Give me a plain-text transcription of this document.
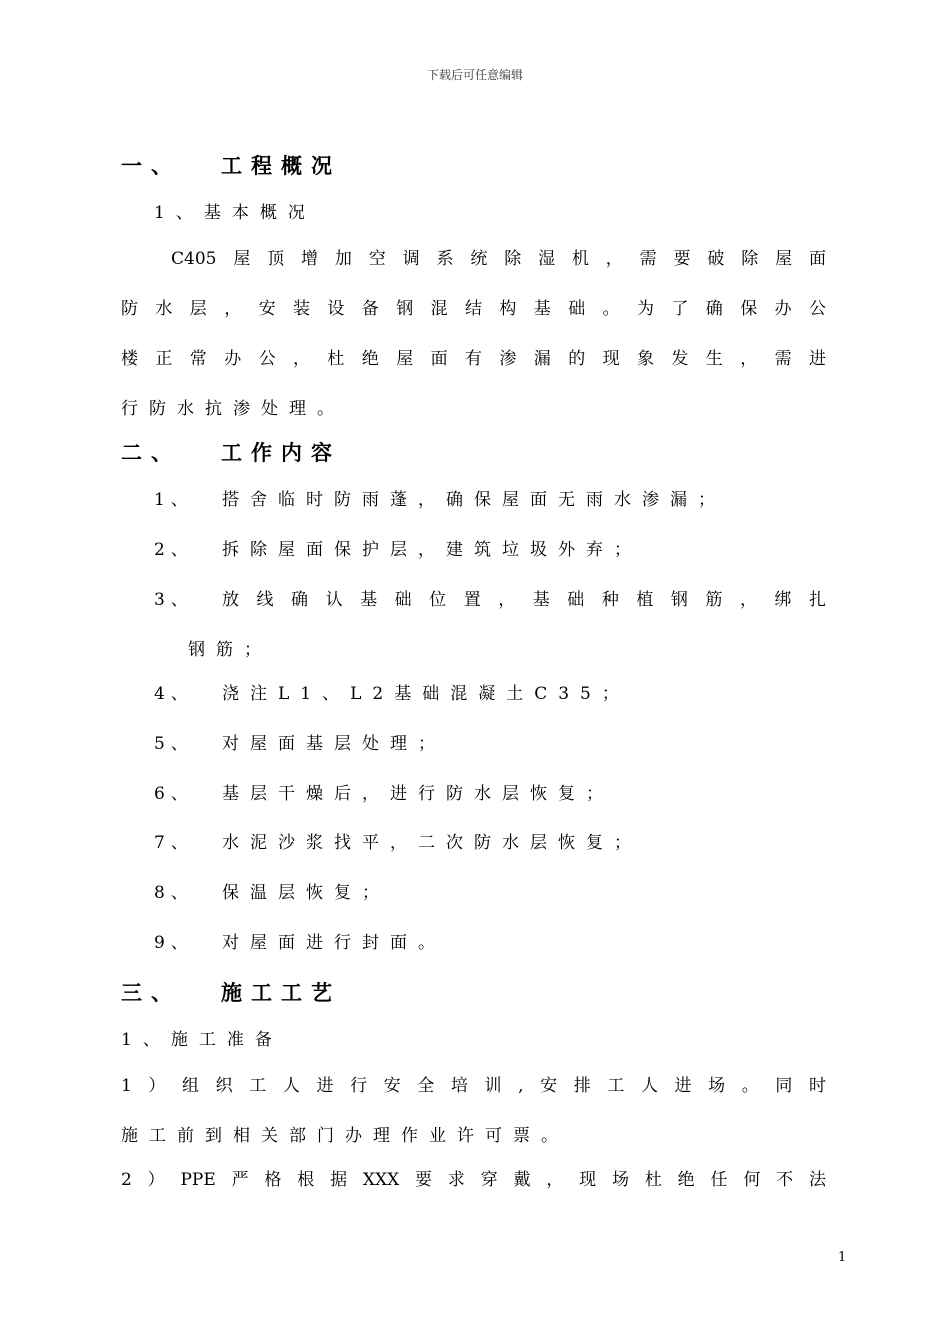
下载后可任意编辑
一、 工程概况
1、基本概况
C405屋顶增加空调系统除湿机，需要破除屋面
防水层，安装设备钢混结构基础。为了确保办公
楼正常办公，杜绝屋面有渗漏的现象发生，需进
行防水抗渗处理。
二、 工作内容
1、 搭舍临时防雨蓬，确保屋面无雨水渗漏；
2、 拆除屋面保护层，建筑垃圾外弃；
3、 放线确认基础位置，基础种植钢筋，绑扎
钢筋；
4、 浇注L1、L2基础混凝土C35；
5、 对屋面基层处理；
6、 基层干燥后，进行防水层恢复；
7、 水泥沙浆找平，二次防水层恢复；
8、 保温层恢复；
9、 对屋面进行封面。
三、 施工工艺
1、施工准备
1）组织工人进行安全培训,安排工人进场。同时
施工前到相关部门办理作业许可票。
2）PPE严格根据XXX要求穿戴，现场杜绝任何不法
1
